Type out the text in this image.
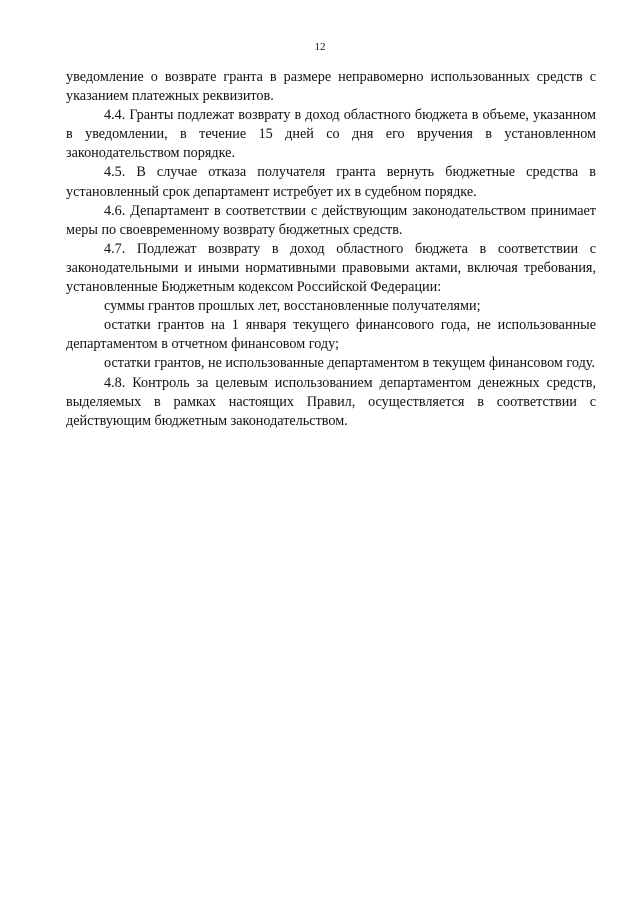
12

уведомление о возврате гранта в размере неправомерно использованных средств с указанием платежных реквизитов.

4.4. Гранты подлежат возврату в доход областного бюджета в объеме, указанном в уведомлении, в течение 15 дней со дня его вручения в установленном законодательством порядке.

4.5. В случае отказа получателя гранта вернуть бюджетные средства в установленный срок департамент истребует их в судебном порядке.

4.6. Департамент в соответствии с действующим законодательством принимает меры по своевременному возврату бюджетных средств.

4.7. Подлежат возврату в доход областного бюджета в соответствии с законодательными и иными нормативными правовыми актами, включая требования, установленные Бюджетным кодексом Российской Федерации:

суммы грантов прошлых лет, восстановленные получателями;

остатки грантов на 1 января текущего финансового года, не использованные департаментом в отчетном финансовом году;

остатки грантов, не использованные департаментом в текущем финансовом году.

4.8. Контроль за целевым использованием департаментом денежных средств, выделяемых в рамках настоящих Правил, осуществляется в соответствии с действующим бюджетным законодательством.
